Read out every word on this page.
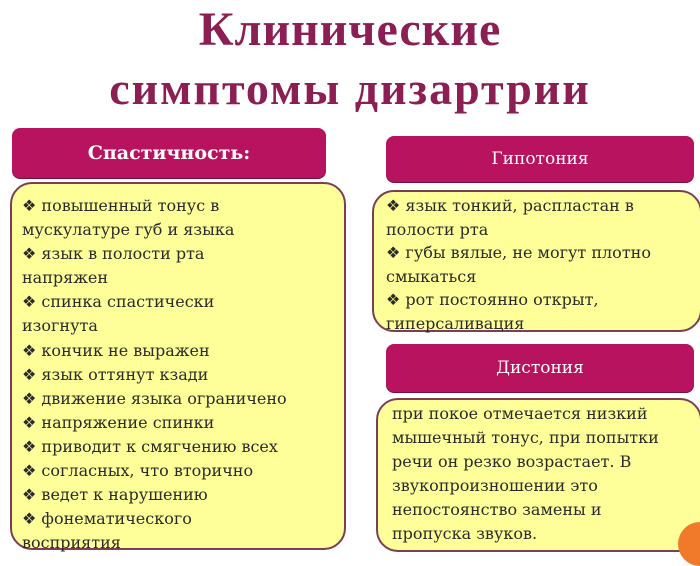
Клинические
симптомы дизартрии
Спастичность:
❖ повышенный тонус в
мускулатуре губ и языка
❖ язык в полости рта
напряжен
❖ спинка спастически
изогнута
❖ кончик не выражен
❖ язык оттянут кзади
❖ движение языка ограничено
❖ напряжение спинки
❖ приводит к смягчению всех
❖ согласных, что вторично
❖ ведет к нарушению
❖ фонематического
восприятия
Гипотония
❖ язык тонкий, распластан в
полости рта
❖ губы вялые, не могут плотно
смыкаться
❖ рот постоянно открыт,
гиперсаливация
Дистония
при покое отмечается низкий
мышечный тонус, при попытки
речи он резко возрастает. В
звукопроизношении это
непостоянство замены и
пропуска звуков.
